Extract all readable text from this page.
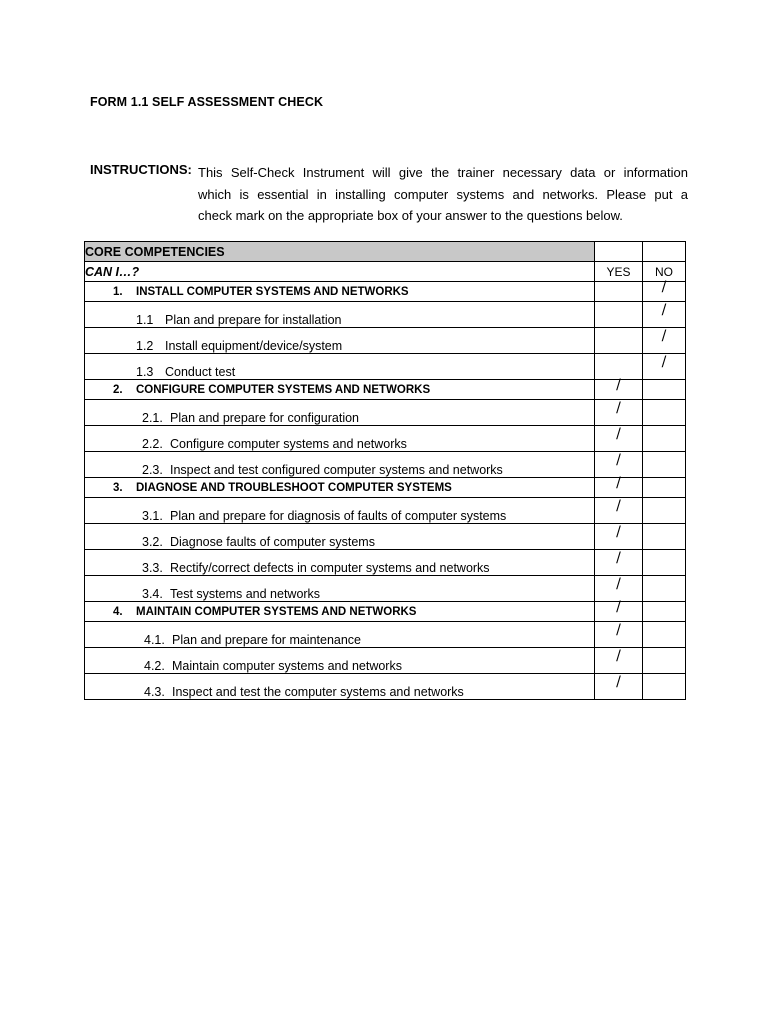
FORM 1.1 SELF ASSESSMENT CHECK
INSTRUCTIONS: This Self-Check Instrument will give the trainer necessary data or information
which is essential in installing computer systems and networks. Please put a
check mark on the appropriate box of your answer to the questions below.
CORE COMPETENCIES		
CAN I…?	YES	NO
1. INSTALL COMPUTER SYSTEMS AND NETWORKS		/
1.1 Plan and prepare for installation		/
1.2 Install equipment/device/system		/
1.3 Conduct test		/
2. CONFIGURE COMPUTER SYSTEMS AND NETWORKS	/	
2.1. Plan and prepare for configuration	/	
2.2. Configure computer systems and networks	/	
2.3. Inspect and test configured computer systems and networks	/	
3. DIAGNOSE AND TROUBLESHOOT COMPUTER SYSTEMS	/	
3.1. Plan and prepare for diagnosis of faults of computer systems	/	
3.2. Diagnose faults of computer systems	/	
3.3. Rectify/correct defects in computer systems and networks	/	
3.4. Test systems and networks	/	
4. MAINTAIN COMPUTER SYSTEMS AND NETWORKS	/	
4.1. Plan and prepare for maintenance	/	
4.2. Maintain computer systems and networks	/	
4.3. Inspect and test the computer systems and networks	/	
